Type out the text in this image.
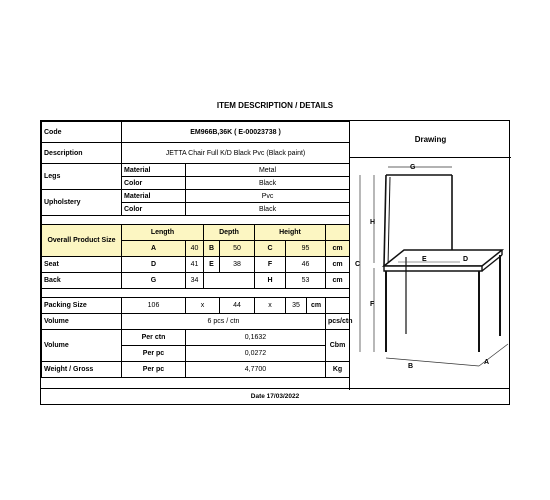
ITEM DESCRIPTION / DETAILS
Code	EM966B,36K ( E-00023738 )							
Description	JETTA Chair Full K/D Black Pvc (Black paint)							
Legs	Material	Metal						
	Color	Black						
Upholstery	Material	Pvc						
	Color	Black						

Overall Product Size	Length		Depth		Height			
	A	40	B	50	C	95		cm
Seat	D	41	E	38	F	46		cm
Back	G	34			H	53		cm

Packing Size	106	x		44	x	35	cm	
Volume	6 pcs / ctn							pcs/ctn
Volume	Per ctn	0,1632						Cbm
	Per pc	0,0272						
Weight / Gross	Per pc	4,7700						Kg
Drawing
G
H
C
F
E	D
B
A
Date 17/03/2022
